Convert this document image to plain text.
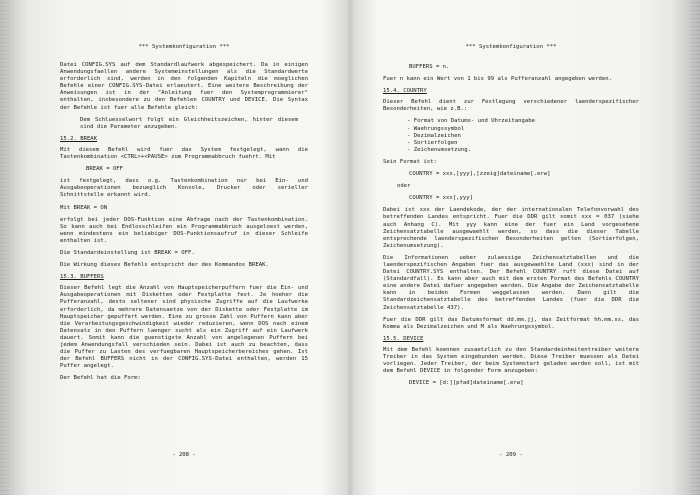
*** Systemkonfiguration ***

Datei CONFIG.SYS auf dem Standardlaufwerk abgespeichert. Da in einigen Anwendungsfaellen andere Systemeinstellungen als die Standardwerte erforderlich sind, werden in den folgenden Kapiteln die moeglichen Befehle einer CONFIG.SYS-Datei erlaeutert. Eine weitere Beschreibung der Anweisungen ist in der "Anleitung fuer den Systemprogrammierer" enthalten, insbesondere zu den Befehlen COUNTRY und DEVICE. Die Syntax der Befehle ist fuer alle Befehle gleich:

Dem Schluesselwort folgt ein Gleichheitszeichen, hinter diesem sind die Parameter anzugeben.

15.2. BREAK

Mit diesem Befehl wird fuer das System festgelegt, wann die Tastenkombination <CTRL>+<PAUSE> zum Programmabbruch fuehrt. Mit

BREAK = OFF

ist festgelegt, dass o.g. Tastenkombination nur bei Ein- und Ausgabeoperationen bezueglich Konsole, Drucker oder serieller Schnittstelle erkannt wird.

Mit BREAK = ON

erfolgt bei jeder DOS-Funktion eine Abfrage nach der Tastenkombination. So kann auch bei Endlosschleifen ein Programmabbruch ausgeloest werden, wenn mindestens ein beliebiger DOS-Funktionsaufruf in dieser Schleife enthalten ist.

Die Standardeinstellung ist BREAK = OFF.

Die Wirkung dieses Befehls entspricht der des Kommandos BREAK.

15.3. BUFFERS

Dieser Befehl legt die Anzahl von Hauptspeicherpuffern fuer die Ein- und Ausgabeoperationen mit Disketten oder Festplatte fest. Je hoeher die Pufferanzahl, desto seltener sind physische Zugriffe auf die Laufwerke erforderlich, da mehrere Datensaetze von der Diskette oder Festplatte im Hauptspeicher gepuffert werden. Eine zu grosse Zahl von Puffern kann aber die Verarbeitungsgeschwindigkeit wieder reduzieren, wenn DOS nach einem Datensatz in den Puffern laenger sucht als ein Zugriff auf ein Laufwerk dauert. Somit kann die guenstigste Anzahl von angelegenen Puffern bei jedem Anwendungsfall verschieden sein. Dabei ist auch zu beachten, dass die Puffer zu Lasten des verfuegbaren Hauptspeicherbereiches gehen. Ist der Befehl BUFFERS nicht in der CONFIG.SYS-Datei enthalten, werden 15 Puffer angelegt.

Der Befehl hat die Form:

- 208 -
*** Systemkonfiguration ***
BUFFERS = n.

Fuer n kann ein Wert von 1 bis 99 als Pufferanzahl angegeben werden.

15.4. COUNTRY

Dieser Befehl dient zur Festlegung verschiedener laenderspezifischer Besonderheiten, wie z.B.:

- Format von Datums- und Uhrzeitangabe
- Waehrungssymbol
- Dezimalzeichen
- Sortierfolgen
- Zeichenumsetzung.

Sein Format ist:

COUNTRY = xxx,[yyy],[zzeig]dateiname[.erw]

oder

COUNTRY = xxx[,yyy]

Dabei ist xxx der Laendekode, der der internationalen Telefonvorwahl des betreffenden Landes entspricht. Fuer die DDR gilt somit xxx = 037 (siehe auch Anhang C). Mit yyy kann eine der fuer ein Land vorgesehene Zeichensatztabelle ausgewaehlt werden, so dass die dieser Tabelle entsprechende laenderspezifischen Besonderheiten gelten (Sortierfolgen, Zeichenumsetzung).

Die Informationen ueber zulaessige Zeichensatztabellen und die laenderspezifischen Angaben fuer das ausgewaehlte Land (xxx) sind in der Datei COUNTRY.SYS enthalten. Der Befehl COUNTRY ruft diese Datei auf (Standardfall). Es kann aber auch mit dem ersten Format des Befehls COUNTRY eine andere Datei dafuer angegeben werden. Die Angabe der Zeichensatztabelle kann in beiden Formen weggelassen werden. Dann gilt die Standardzeichensatztabelle des betreffenden Landes (fuer die DDR die Zeichensatztabelle 437).

Fuer die DDR gilt das Datumsformat dd.mm.jj, das Zeitformat hh.mm.ss, das Komma als Dezimalzeichen und M als Waehrungssymbol.

15.5. DEVICE

Mit dem Befehl koennen zusaetzlich zu den Standardeinheitentreiber weitere Treiber in das System eingebunden werden. Diese Treiber muessen als Datei vorliegen. Jeder Treiber, der beim Systemstart geladen werden soll, ist mit dem Befehl DEVICE in folgender Form anzugeben:

DEVICE = [d:][pfad]dateiname[.erw]
- 209 -
